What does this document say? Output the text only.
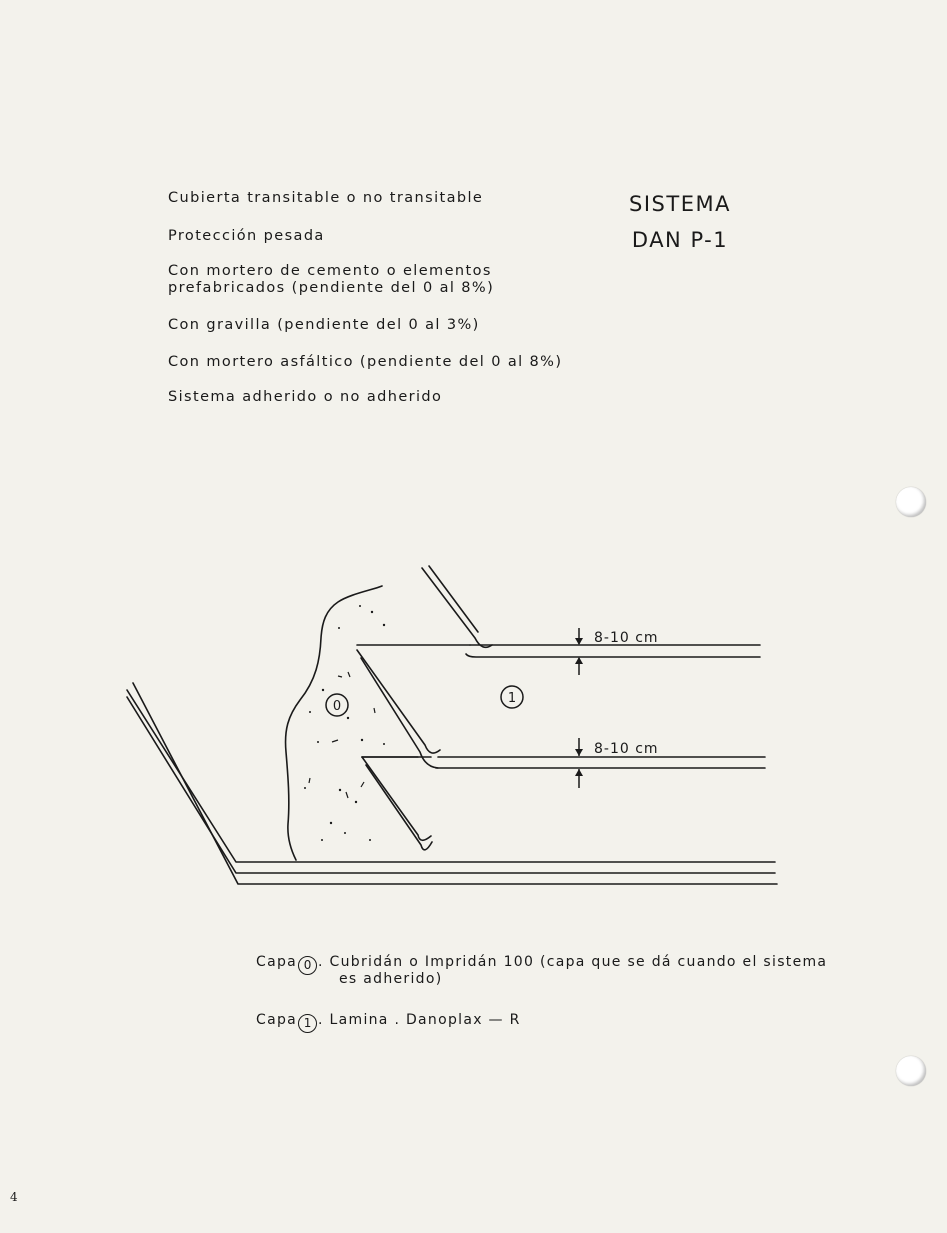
Cubierta transitable o no transitable

Protección pesada

Con mortero de cemento o elementos
prefabricados (pendiente del 0 al 8%)

Con gravilla (pendiente del 0 al 3%)

Con mortero asfáltico (pendiente del 0 al 8%)

Sistema adherido o no adherido

SISTEMA
DAN P-1
0
1
8-10 cm
8-10 cm
Capa 0 . Cubridán o Impridán 100 (capa que se dá cuando el sistema
es adherido)
Capa 1 . Lamina . Danoplax — R
4
